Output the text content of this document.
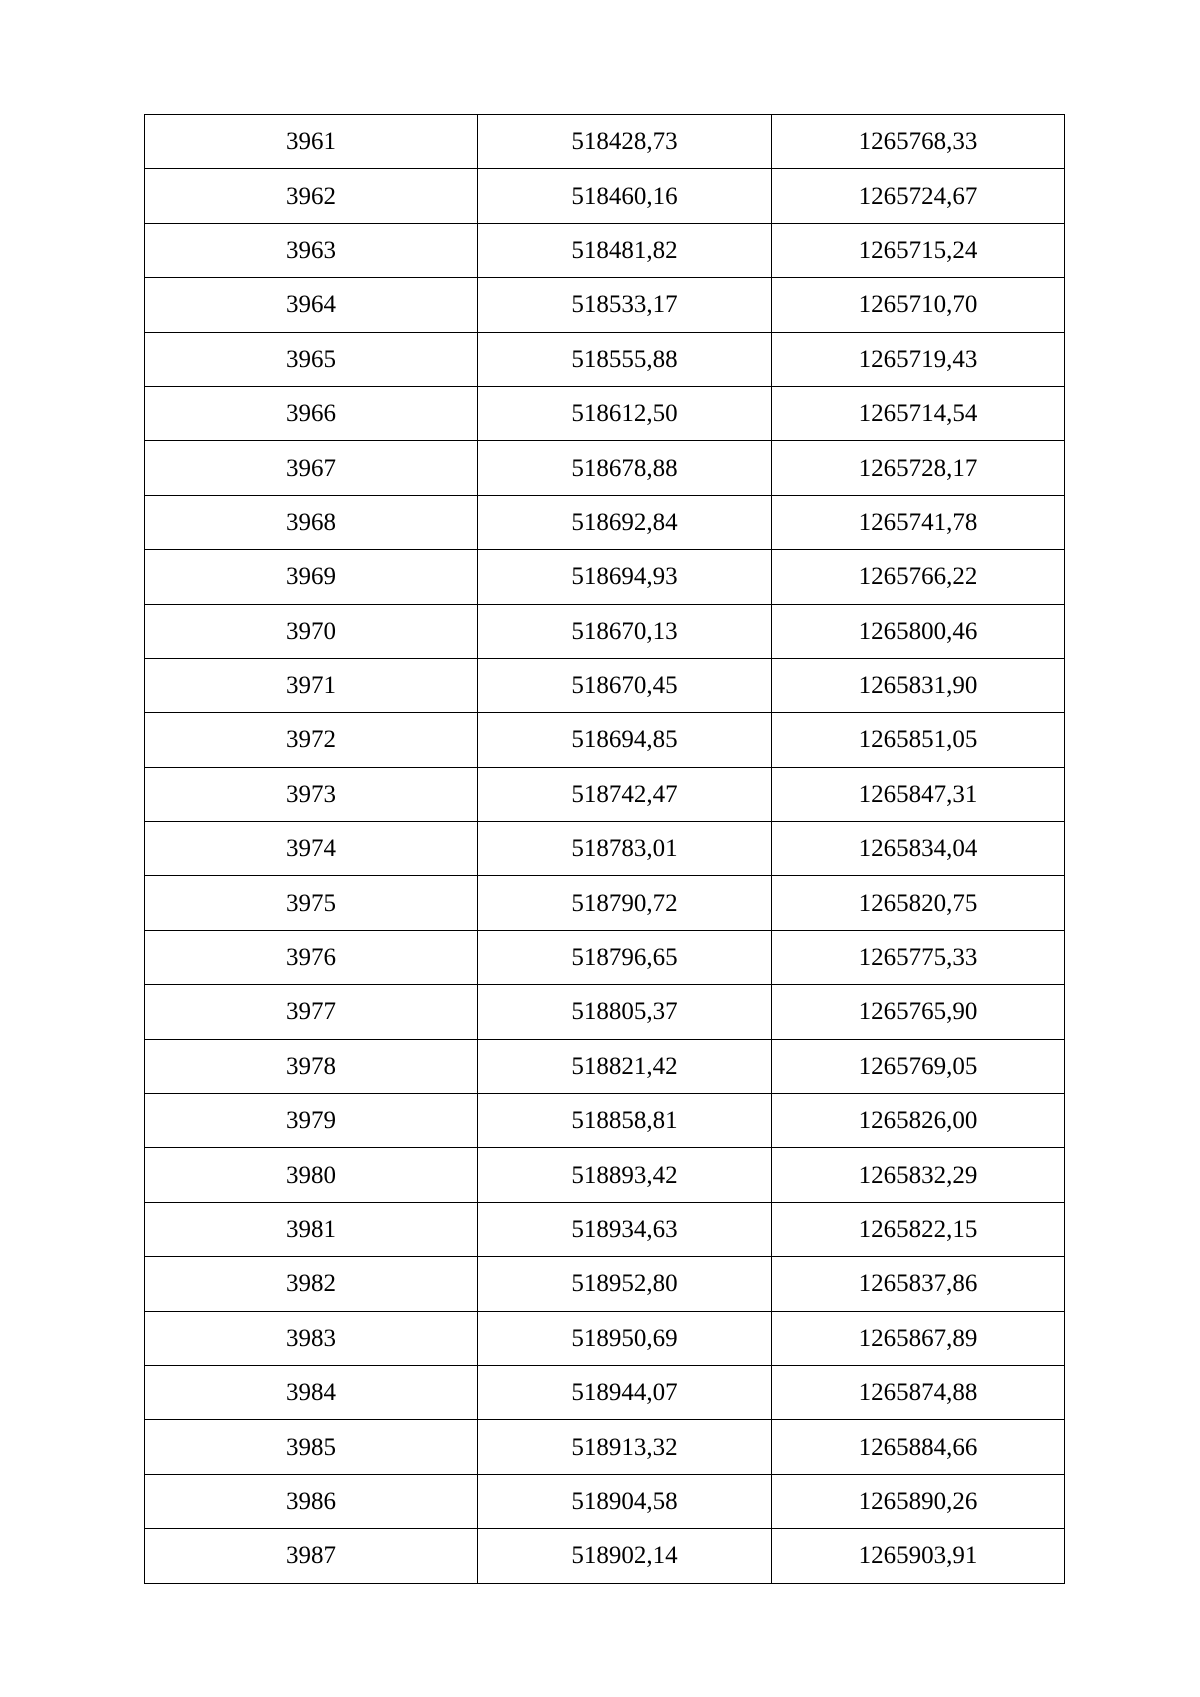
3961	518428,73	1265768,33
3962	518460,16	1265724,67
3963	518481,82	1265715,24
3964	518533,17	1265710,70
3965	518555,88	1265719,43
3966	518612,50	1265714,54
3967	518678,88	1265728,17
3968	518692,84	1265741,78
3969	518694,93	1265766,22
3970	518670,13	1265800,46
3971	518670,45	1265831,90
3972	518694,85	1265851,05
3973	518742,47	1265847,31
3974	518783,01	1265834,04
3975	518790,72	1265820,75
3976	518796,65	1265775,33
3977	518805,37	1265765,90
3978	518821,42	1265769,05
3979	518858,81	1265826,00
3980	518893,42	1265832,29
3981	518934,63	1265822,15
3982	518952,80	1265837,86
3983	518950,69	1265867,89
3984	518944,07	1265874,88
3985	518913,32	1265884,66
3986	518904,58	1265890,26
3987	518902,14	1265903,91
